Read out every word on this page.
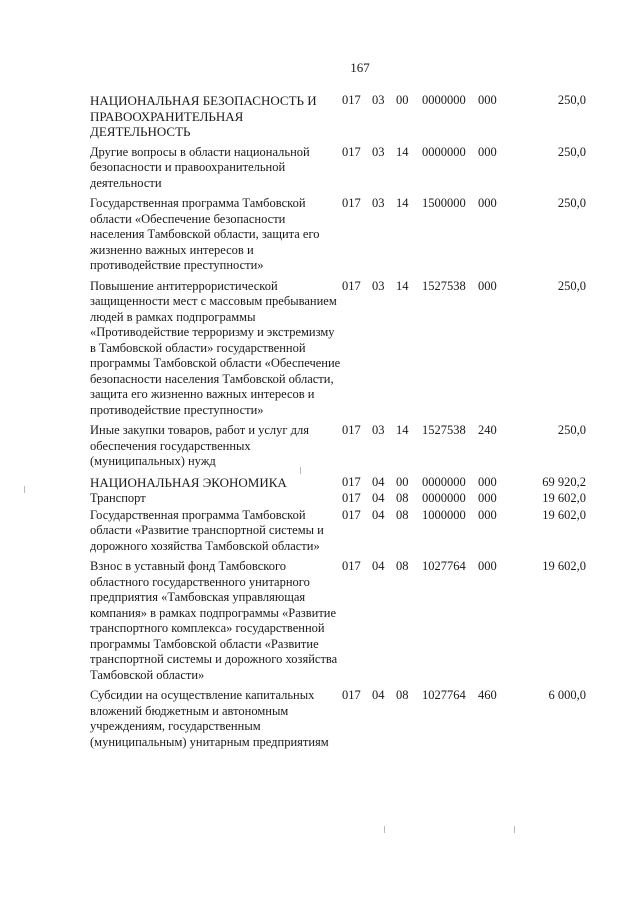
167
НАЦИОНАЛЬНАЯ БЕЗОПАСНОСТЬ И ПРАВООХРАНИТЕЛЬНАЯ ДЕЯТЕЛЬНОСТЬ	017	03	00	0000000	000	250,0
Другие вопросы в области национальной безопасности и правоохранительной деятельности	017	03	14	0000000	000	250,0
Государственная программа Тамбовской области «Обеспечение безопасности населения Тамбовской области, защита его жизненно важных интересов и противодействие преступности»	017	03	14	1500000	000	250,0
Повышение антитеррористической защищенности мест с массовым пребыванием людей в рамках подпрограммы «Противодействие терроризму и экстремизму в Тамбовской области» государственной программы Тамбовской области «Обеспечение безопасности населения Тамбовской области, защита его жизненно важных интересов и противодействие преступности»	017	03	14	1527538	000	250,0
Иные закупки товаров, работ и услуг для обеспечения государственных (муниципальных) нужд	017	03	14	1527538	240	250,0
НАЦИОНАЛЬНАЯ ЭКОНОМИКА	017	04	00	0000000	000	69 920,2
Транспорт	017	04	08	0000000	000	19 602,0
Государственная программа Тамбовской области «Развитие транспортной системы и дорожного хозяйства Тамбовской области»	017	04	08	1000000	000	19 602,0
Взнос в уставный фонд Тамбовского областного государственного унитарного предприятия «Тамбовская управляющая компания» в рамках подпрограммы «Развитие транспортного комплекса» государственной программы Тамбовской области «Развитие транспортной системы и дорожного хозяйства Тамбовской области»	017	04	08	1027764	000	19 602,0
Субсидии на осуществление капитальных вложений бюджетным и автономным учреждениям, государственным (муниципальным) унитарным предприятиям	017	04	08	1027764	460	6 000,0
